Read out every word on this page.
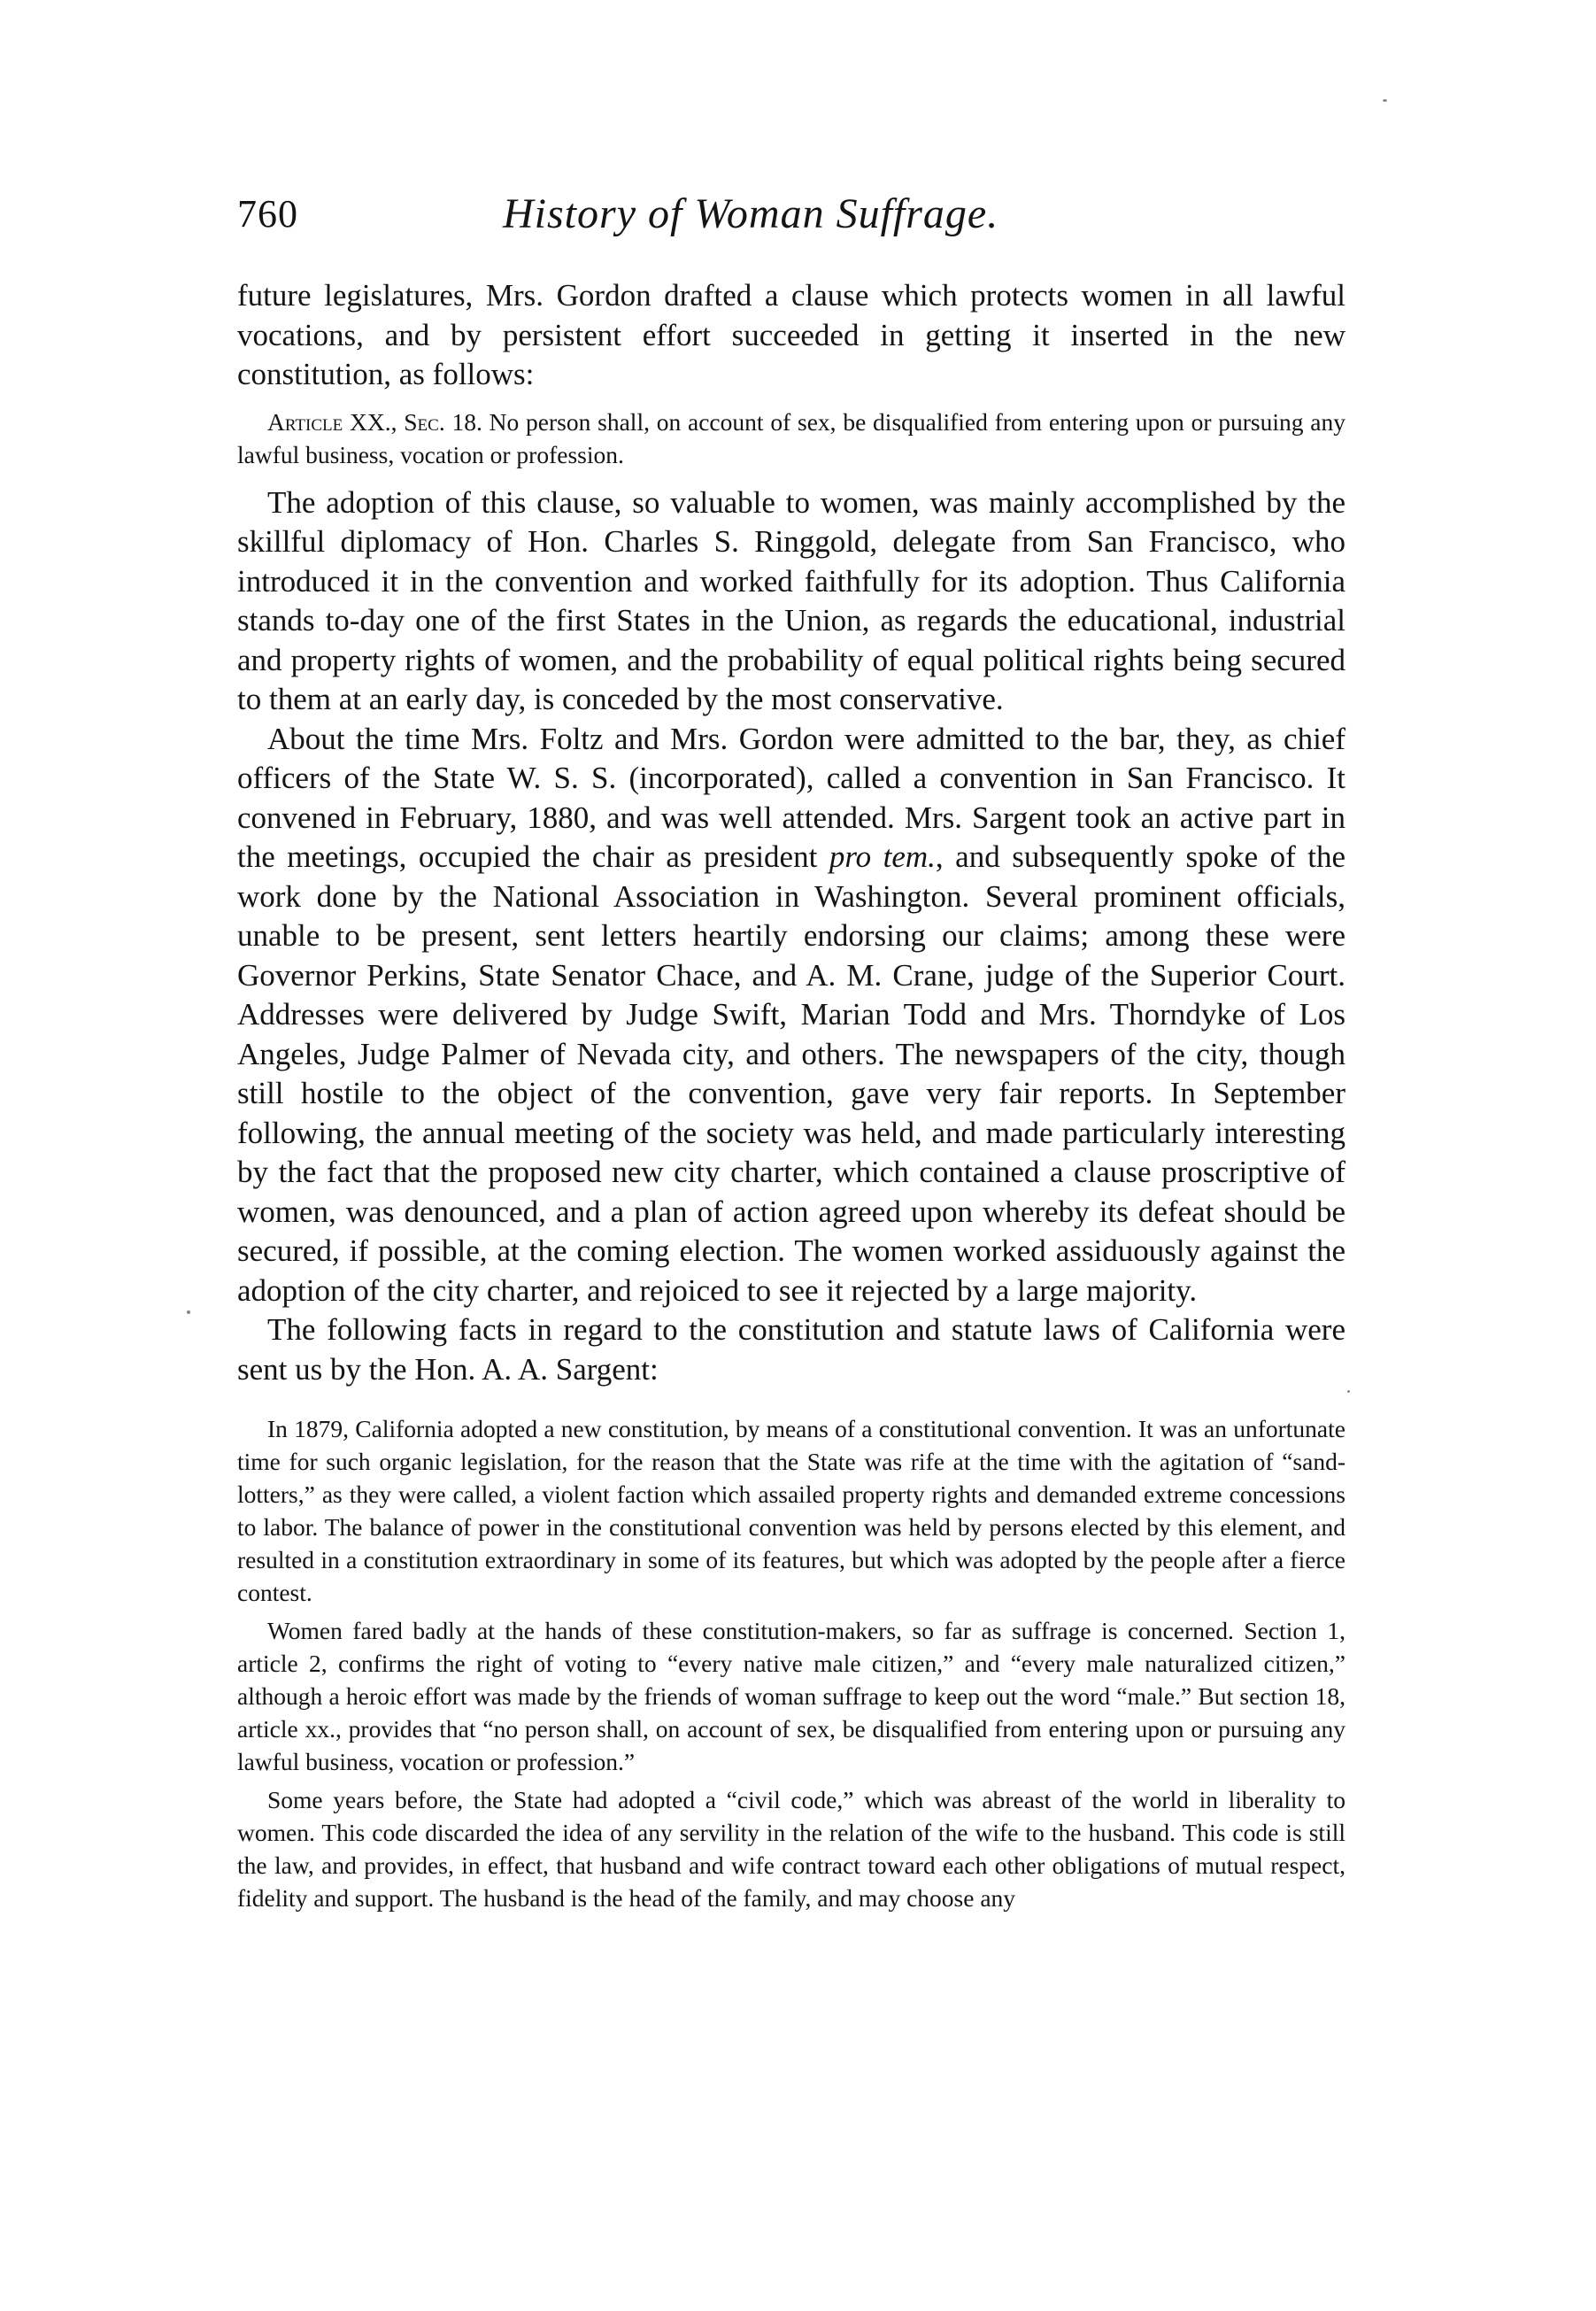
760	History of Woman Suffrage.

future legislatures, Mrs. Gordon drafted a clause which protects women in all lawful vocations, and by persistent effort succeeded in getting it inserted in the new constitution, as follows:

Article XX., Sec. 18. No person shall, on account of sex, be disqualified from entering upon or pursuing any lawful business, vocation or profession.

The adoption of this clause, so valuable to women, was mainly accomplished by the skillful diplomacy of Hon. Charles S. Ringgold, delegate from San Francisco, who introduced it in the convention and worked faithfully for its adoption. Thus California stands to-day one of the first States in the Union, as regards the educational, industrial and property rights of women, and the probability of equal political rights being secured to them at an early day, is conceded by the most conservative.

About the time Mrs. Foltz and Mrs. Gordon were admitted to the bar, they, as chief officers of the State W. S. S. (incorporated), called a convention in San Francisco. It convened in February, 1880, and was well attended. Mrs. Sargent took an active part in the meetings, occupied the chair as president pro tem., and subsequently spoke of the work done by the National Association in Washington. Several prominent officials, unable to be present, sent letters heartily endorsing our claims; among these were Governor Perkins, State Senator Chace, and A. M. Crane, judge of the Superior Court. Addresses were delivered by Judge Swift, Marian Todd and Mrs. Thorndyke of Los Angeles, Judge Palmer of Nevada city, and others. The newspapers of the city, though still hostile to the object of the convention, gave very fair reports. In September following, the annual meeting of the society was held, and made particularly interesting by the fact that the proposed new city charter, which contained a clause proscriptive of women, was denounced, and a plan of action agreed upon whereby its defeat should be secured, if possible, at the coming election. The women worked assiduously against the adoption of the city charter, and rejoiced to see it rejected by a large majority.

The following facts in regard to the constitution and statute laws of California were sent us by the Hon. A. A. Sargent:

In 1879, California adopted a new constitution, by means of a constitutional convention. It was an unfortunate time for such organic legislation, for the reason that the State was rife at the time with the agitation of “sand-lotters,” as they were called, a violent faction which assailed property rights and demanded extreme concessions to labor. The balance of power in the constitutional convention was held by persons elected by this element, and resulted in a constitution extraordinary in some of its features, but which was adopted by the people after a fierce contest.

Women fared badly at the hands of these constitution-makers, so far as suffrage is concerned. Section 1, article 2, confirms the right of voting to “every native male citizen,” and “every male naturalized citizen,” although a heroic effort was made by the friends of woman suffrage to keep out the word “male.” But section 18, article xx., provides that “no person shall, on account of sex, be disqualified from entering upon or pursuing any lawful business, vocation or profession.”

Some years before, the State had adopted a “civil code,” which was abreast of the world in liberality to women. This code discarded the idea of any servility in the relation of the wife to the husband. This code is still the law, and provides, in effect, that husband and wife contract toward each other obligations of mutual respect, fidelity and support. The husband is the head of the family, and may choose any
